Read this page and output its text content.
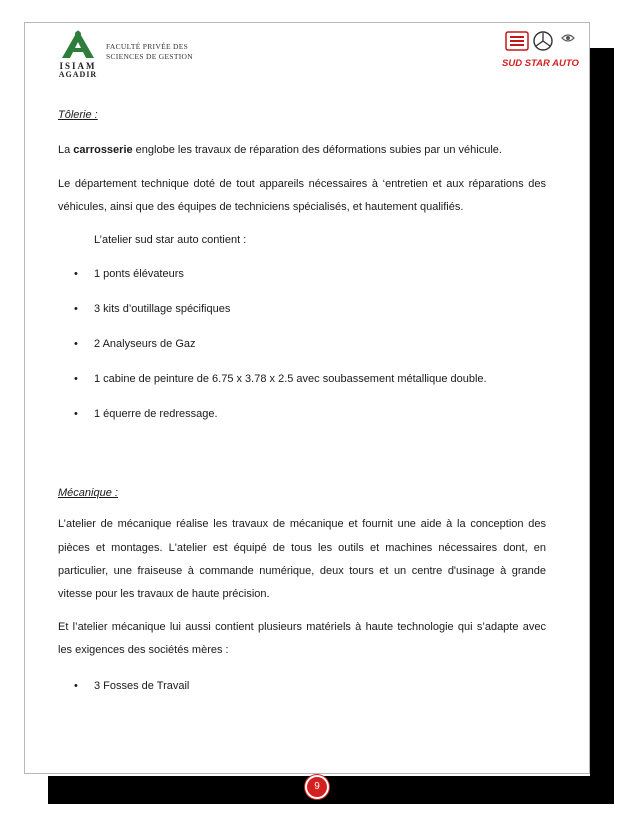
ISIAM
AGADIR
FACULTÉ PRIVÉE DES
SCIENCES DE GESTION
SUD STAR AUTO
Tôlerie :
La carrosserie englobe les travaux de réparation des déformations subies par un véhicule.
Le département technique doté de tout appareils nécessaires à ‘entretien et aux réparations des
véhicules, ainsi que des équipes de techniciens spécialisés, et hautement qualifiés.
L’atelier sud star auto contient :
• 1 ponts élévateurs
• 3 kits d’outillage spécifiques
• 2 Analyseurs de Gaz
• 1 cabine de peinture de 6.75 x 3.78 x 2.5 avec soubassement métallique double.
• 1 équerre de redressage.
Mécanique :
L’atelier de mécanique réalise les travaux de mécanique et fournit une aide à la conception des
pièces et montages. L'atelier est équipé de tous les outils et machines nécessaires dont, en
particulier, une fraiseuse à commande numérique, deux tours et un centre d'usinage à grande
vitesse pour les travaux de haute précision.
Et l’atelier mécanique lui aussi contient plusieurs matériels à haute technologie qui s’adapte avec
les exigences des sociétés mères :
• 3 Fosses de Travail
9
